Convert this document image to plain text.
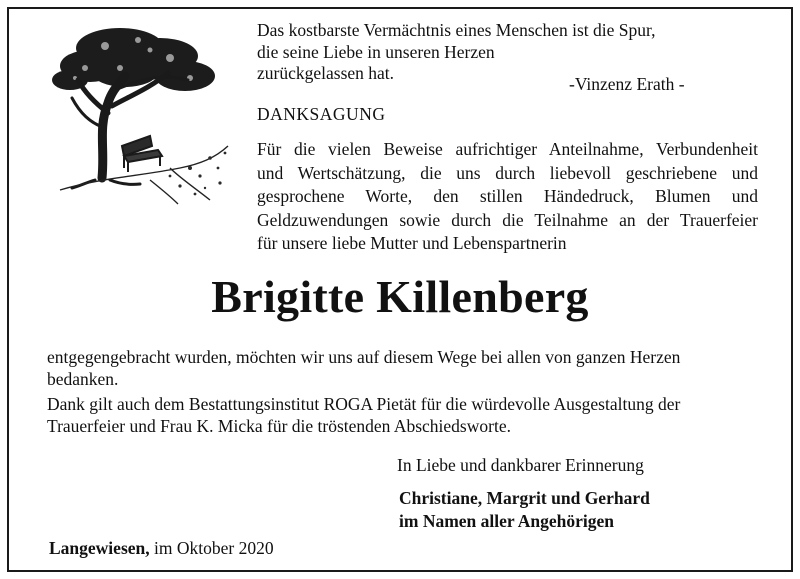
Das kostbarste Vermächtnis eines Menschen ist die Spur,
die seine Liebe in unseren Herzen
zurückgelassen hat.
-Vinzenz Erath -
DANKSAGUNG
Für die vielen Beweise aufrichtiger Anteilnahme, Verbundenheit
und Wertschätzung, die uns durch liebevoll geschriebene und
gesprochene Worte, den stillen Händedruck, Blumen und
Geldzuwendungen sowie durch die Teilnahme an der Trauerfeier
für unsere liebe Mutter und Lebenspartnerin
Brigitte Killenberg
entgegengebracht wurden, möchten wir uns auf diesem Wege bei allen von ganzen Herzen
bedanken.
Dank gilt auch dem Bestattungsinstitut ROGA Pietät für die würdevolle Ausgestaltung der
Trauerfeier und Frau K. Micka für die tröstenden Abschiedsworte.
In Liebe und dankbarer Erinnerung
Christiane, Margrit und Gerhard
im Namen aller Angehörigen
Langewiesen, im Oktober 2020
